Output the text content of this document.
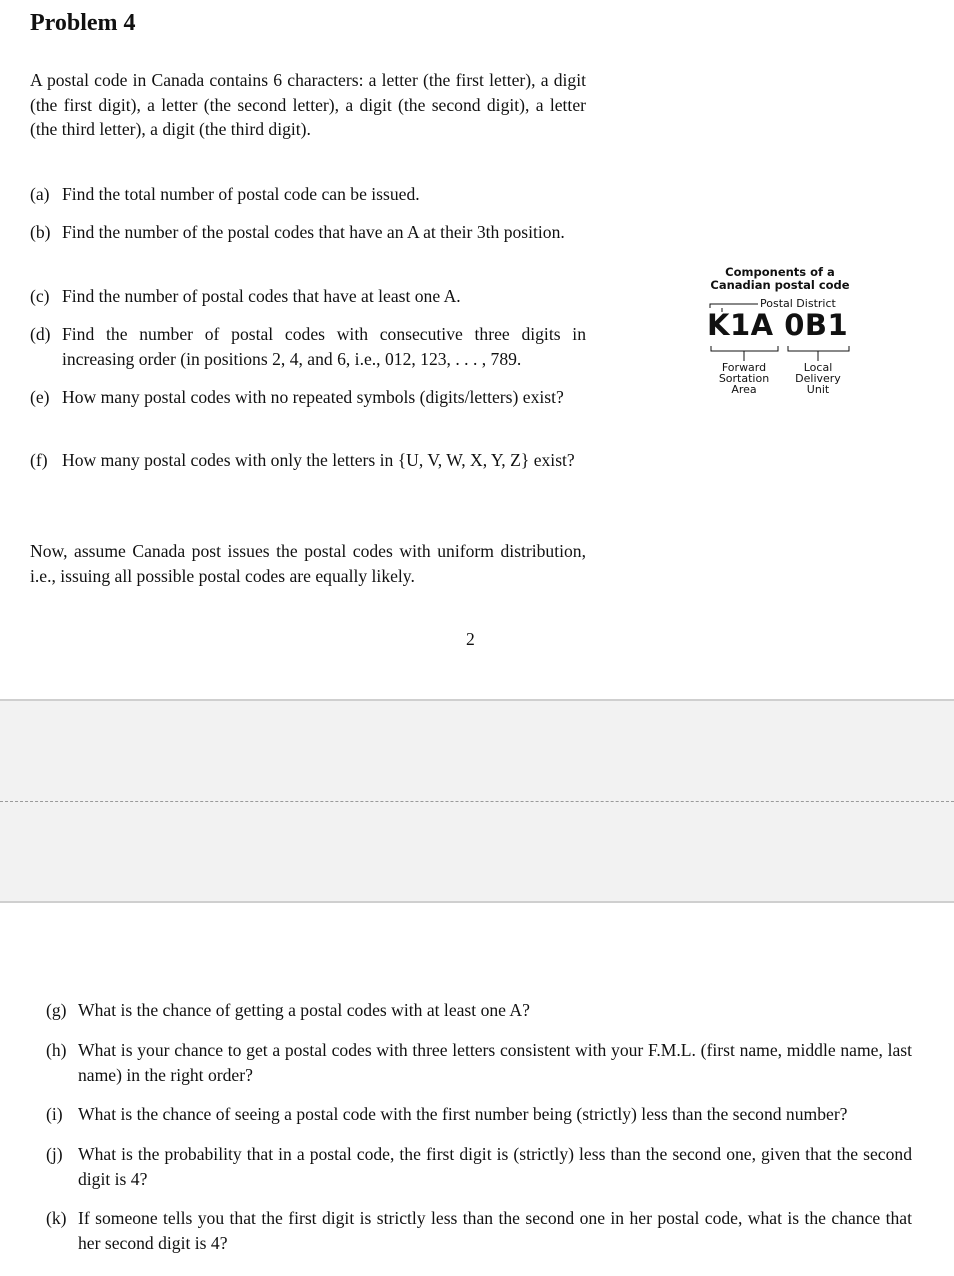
Problem 4
A postal code in Canada contains 6 characters: a letter (the first letter), a digit (the first digit), a letter (the second letter), a digit (the second digit), a letter (the third letter), a digit (the third digit).
(a) Find the total number of postal code can be issued.
(b) Find the number of the postal codes that have an A at their 3th position.
(c) Find the number of postal codes that have at least one A.
(d) Find the number of postal codes with consecutive three digits in increasing order (in positions 2, 4, and 6, i.e., 012, 123, . . . , 789.
(e) How many postal codes with no repeated symbols (digits/letters) exist?
(f) How many postal codes with only the letters in {U, V, W, X, Y, Z} exist?
Now, assume Canada post issues the postal codes with uniform distribution, i.e., issuing all possible postal codes are equally likely.
2
Components of a
Canadian postal code
Postal District
K1A 0B1
Forward
Sortation
Area
Local
Delivery
Unit
(g) What is the chance of getting a postal codes with at least one A?
(h) What is your chance to get a postal codes with three letters consistent with your F.M.L. (first name, middle name, last name) in the right order?
(i) What is the chance of seeing a postal code with the first number being (strictly) less than the second number?
(j) What is the probability that in a postal code, the first digit is (strictly) less than the second one, given that the second digit is 4?
(k) If someone tells you that the first digit is strictly less than the second one in her postal code, what is the chance that her second digit is 4?
